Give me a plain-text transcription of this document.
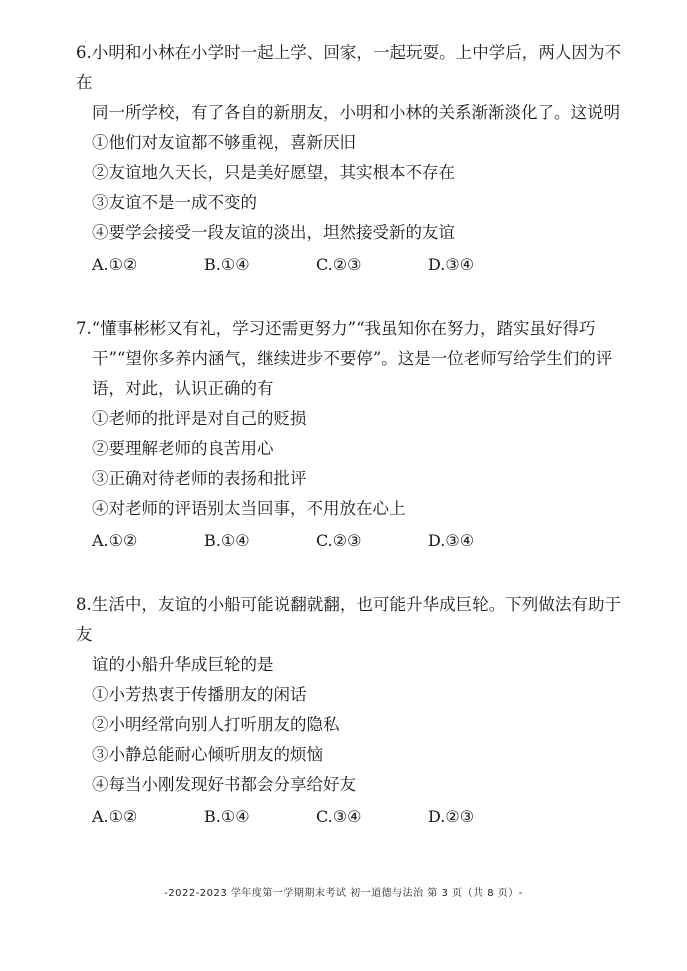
6.小明和小林在小学时一起上学、回家，一起玩耍。上中学后，两人因为不在
同一所学校，有了各自的新朋友，小明和小林的关系渐渐淡化了。这说明

①他们对友谊都不够重视，喜新厌旧

②友谊地久天长，只是美好愿望，其实根本不存在

③友谊不是一成不变的

④要学会接受一段友谊的淡出，坦然接受新的友谊

A.①②	B.①④	C.②③	D.③④

7.“懂事彬彬又有礼，学习还需更努力”“我虽知你在努力，踏实虽好得巧
干”“望你多养内涵气，继续进步不要停”。这是一位老师写给学生们的评
语，对此，认识正确的有

①老师的批评是对自己的贬损

②要理解老师的良苦用心

③正确对待老师的表扬和批评

④对老师的评语别太当回事，不用放在心上

A.①②	B.①④	C.②③	D.③④

8.生活中，友谊的小船可能说翻就翻，也可能升华成巨轮。下列做法有助于友
谊的小船升华成巨轮的是

①小芳热衷于传播朋友的闲话

②小明经常向别人打听朋友的隐私

③小静总能耐心倾听朋友的烦恼

④每当小刚发现好书都会分享给好友

A.①②	B.①④	C.③④	D.②③
-2022-2023 学年度第一学期期末考试 初一道德与法治 第 3 页（共 8 页）-
